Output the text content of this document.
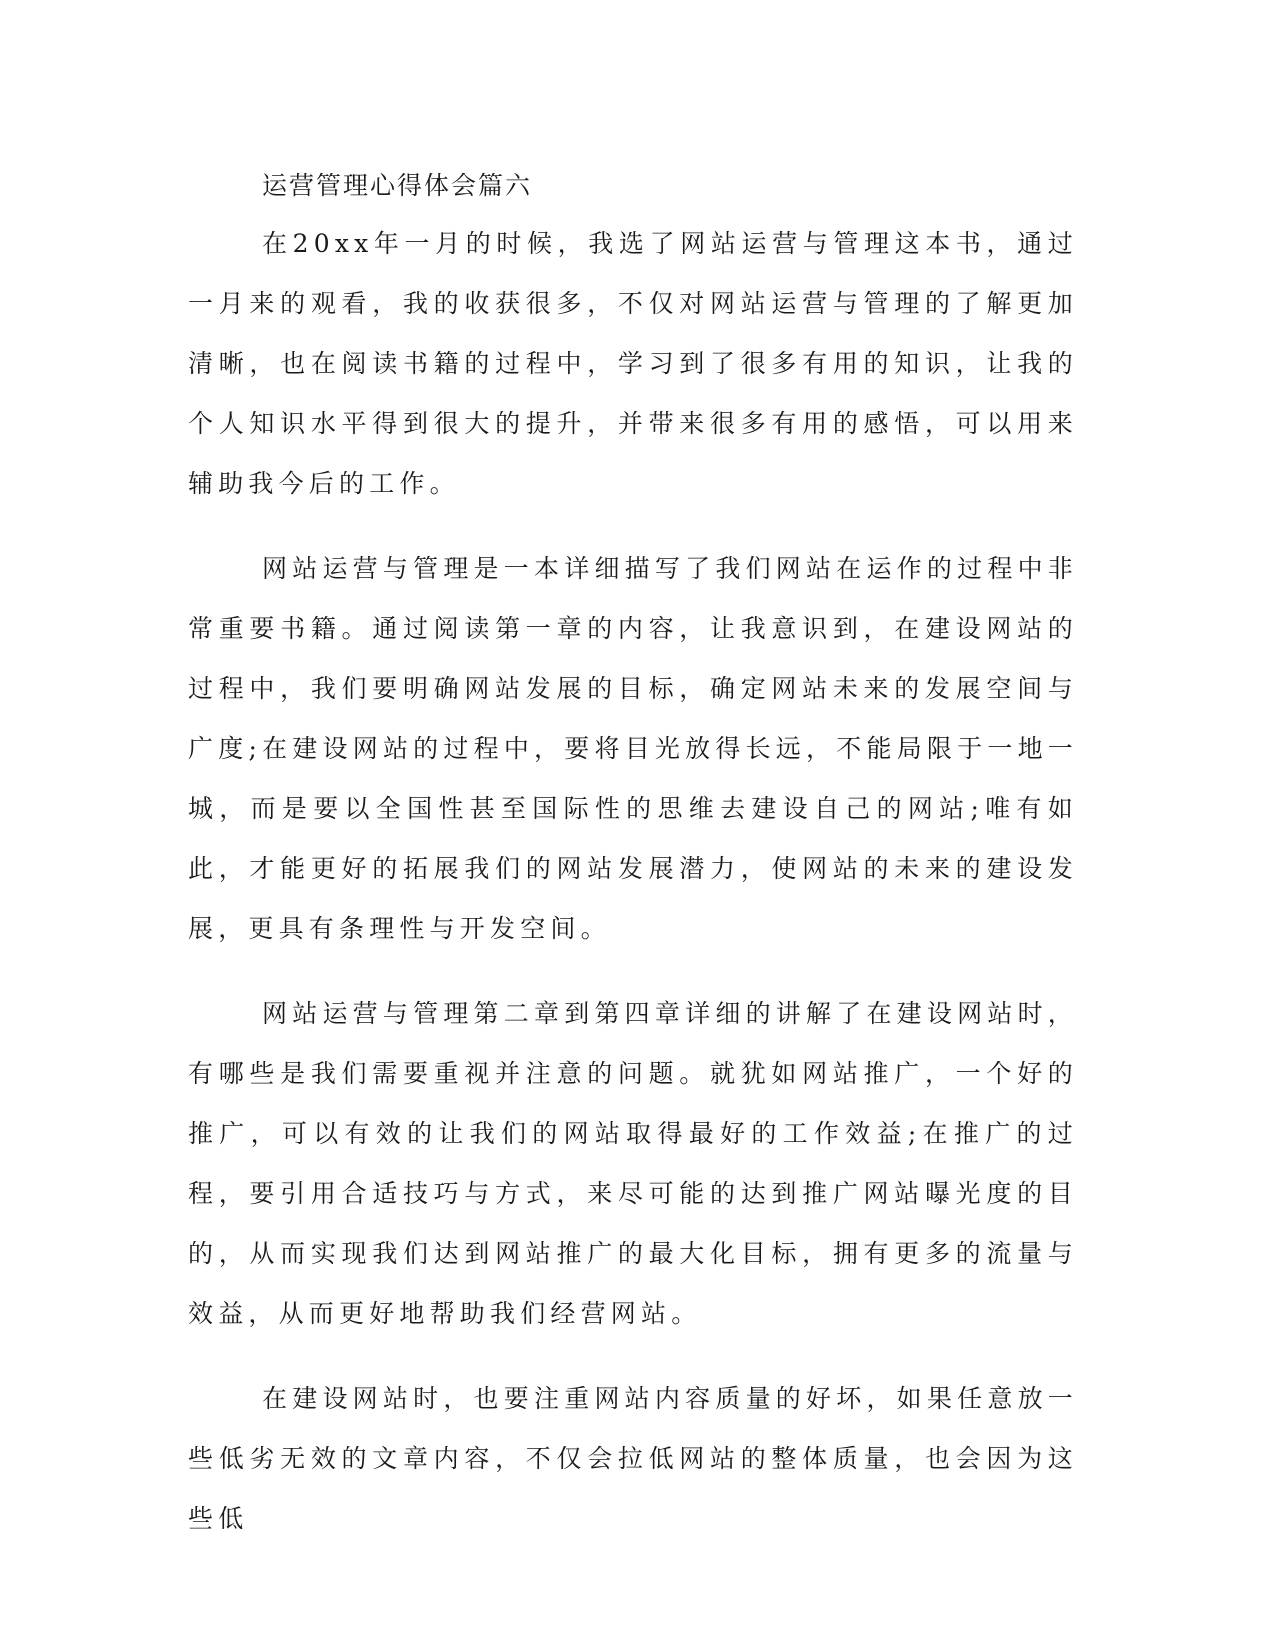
运营管理心得体会篇六

在20xx年一月的时候，我选了网站运营与管理这本书，通过一月来的观看，我的收获很多，不仅对网站运营与管理的了解更加清晰，也在阅读书籍的过程中，学习到了很多有用的知识，让我的个人知识水平得到很大的提升，并带来很多有用的感悟，可以用来辅助我今后的工作。

网站运营与管理是一本详细描写了我们网站在运作的过程中非常重要书籍。通过阅读第一章的内容，让我意识到，在建设网站的过程中，我们要明确网站发展的目标，确定网站未来的发展空间与广度;在建设网站的过程中，要将目光放得长远，不能局限于一地一城，而是要以全国性甚至国际性的思维去建设自己的网站;唯有如此，才能更好的拓展我们的网站发展潜力，使网站的未来的建设发展，更具有条理性与开发空间。

网站运营与管理第二章到第四章详细的讲解了在建设网站时，有哪些是我们需要重视并注意的问题。就犹如网站推广，一个好的推广，可以有效的让我们的网站取得最好的工作效益;在推广的过程，要引用合适技巧与方式，来尽可能的达到推广网站曝光度的目的，从而实现我们达到网站推广的最大化目标，拥有更多的流量与效益，从而更好地帮助我们经营网站。

在建设网站时，也要注重网站内容质量的好坏，如果任意放一些低劣无效的文章内容，不仅会拉低网站的整体质量，也会因为这些低
